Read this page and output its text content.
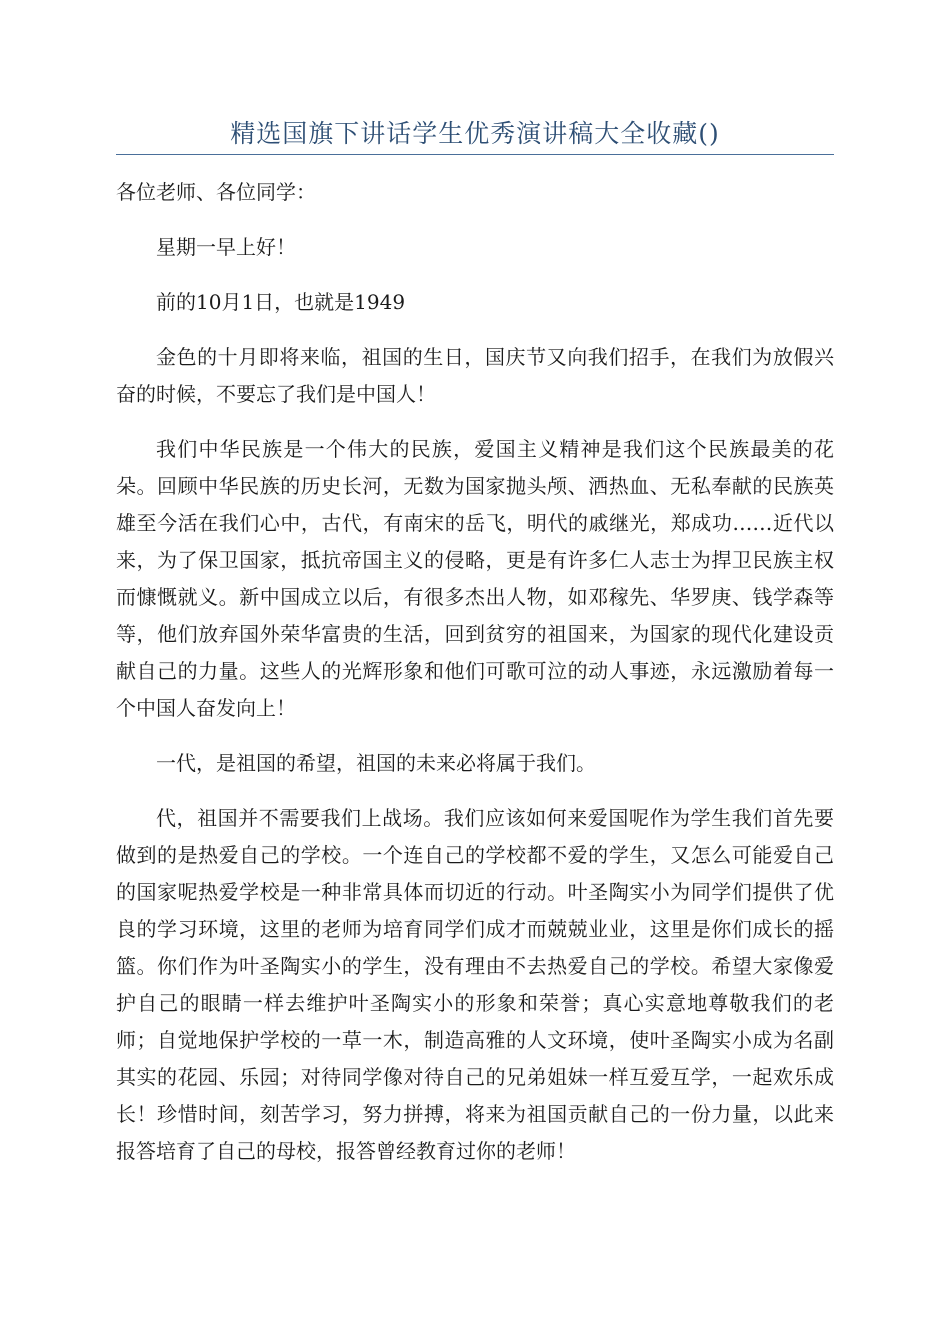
精选国旗下讲话学生优秀演讲稿大全收藏()

各位老师、各位同学：

星期一早上好！

前的10月1日，也就是1949

金色的十月即将来临，祖国的生日，国庆节又向我们招手，在我们为放假兴奋的时候，不要忘了我们是中国人！

我们中华民族是一个伟大的民族，爱国主义精神是我们这个民族最美的花朵。回顾中华民族的历史长河，无数为国家抛头颅、洒热血、无私奉献的民族英雄至今活在我们心中，古代，有南宋的岳飞，明代的戚继光，郑成功……近代以来，为了保卫国家，抵抗帝国主义的侵略，更是有许多仁人志士为捍卫民族主权而慷慨就义。新中国成立以后，有很多杰出人物，如邓稼先、华罗庚、钱学森等等，他们放弃国外荣华富贵的生活，回到贫穷的祖国来，为国家的现代化建设贡献自己的力量。这些人的光辉形象和他们可歌可泣的动人事迹，永远激励着每一个中国人奋发向上！

一代，是祖国的希望，祖国的未来必将属于我们。

代，祖国并不需要我们上战场。我们应该如何来爱国呢作为学生我们首先要做到的是热爱自己的学校。一个连自己的学校都不爱的学生，又怎么可能爱自己的国家呢热爱学校是一种非常具体而切近的行动。叶圣陶实小为同学们提供了优良的学习环境，这里的老师为培育同学们成才而兢兢业业，这里是你们成长的摇篮。你们作为叶圣陶实小的学生，没有理由不去热爱自己的学校。希望大家像爱护自己的眼睛一样去维护叶圣陶实小的形象和荣誉；真心实意地尊敬我们的老师；自觉地保护学校的一草一木，制造高雅的人文环境，使叶圣陶实小成为名副其实的花园、乐园；对待同学像对待自己的兄弟姐妹一样互爱互学，一起欢乐成长！珍惜时间，刻苦学习，努力拼搏，将来为祖国贡献自己的一份力量，以此来报答培育了自己的母校，报答曾经教育过你的老师！
